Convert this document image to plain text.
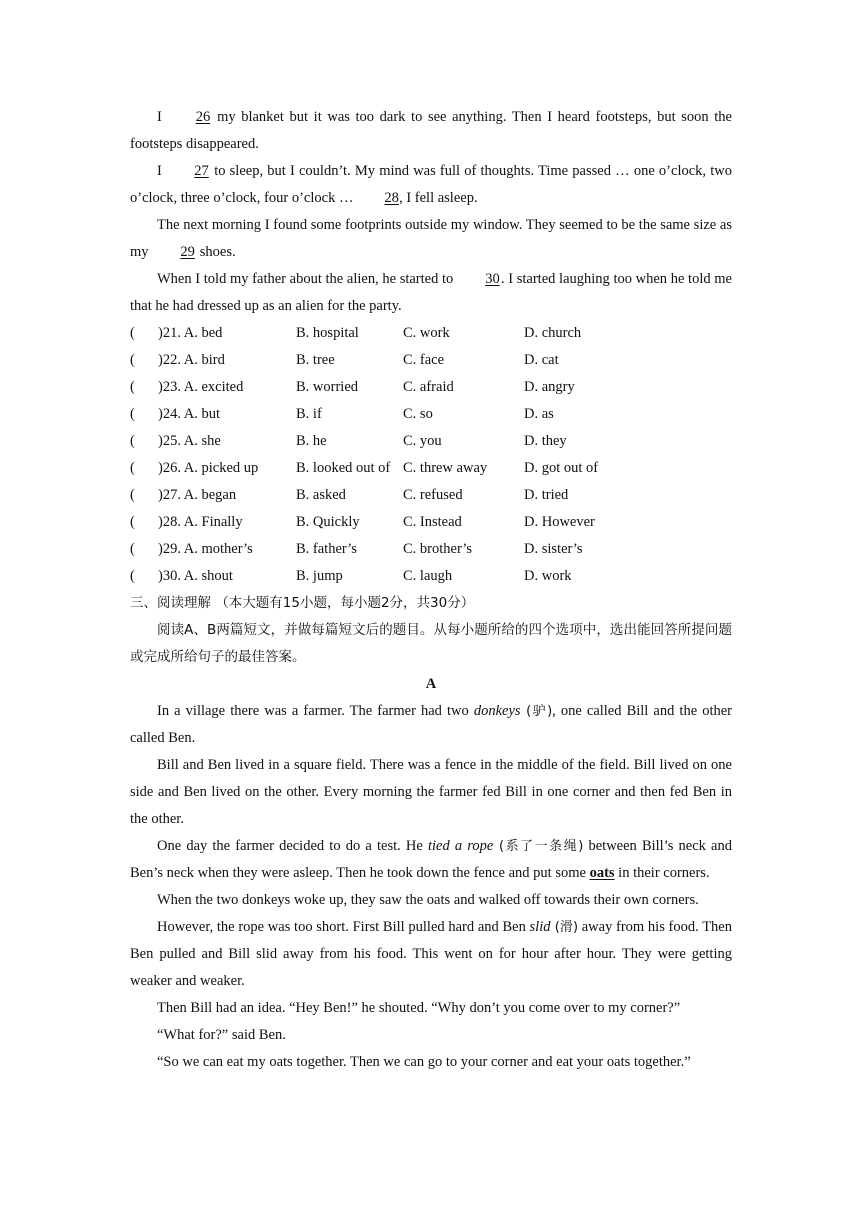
I 26 my blanket but it was too dark to see anything. Then I heard footsteps, but soon the footsteps disappeared.

I 27 to sleep, but I couldn’t. My mind was full of thoughts. Time passed … one o’clock, two o’clock, three o’clock, four o’clock … 28, I fell asleep.

The next morning I found some footprints outside my window. They seemed to be the same size as my 29 shoes.

When I told my father about the alien, he started to 30. I started laughing too when he told me that he had dressed up as an alien for the party.

(	)21. A. bed	B. hospital	C. work	D. church
(	)22. A. bird	B. tree	C. face	D. cat
(	)23. A. excited	B. worried	C. afraid	D. angry
(	)24. A. but	B. if	C. so	D. as
(	)25. A. she	B. he	C. you	D. they
(	)26. A. picked up	B. looked out of C. threw away	D. got out of
(	)27. A. began	B. asked	C. refused	D. tried
(	)28. A. Finally	B. Quickly	C. Instead	D. However
(	)29. A. mother’s	B. father’s	C. brother’s	D. sister’s
(	)30. A. shout	B. jump	C. laugh	D. work

三、阅读理解 （本大题有15小题，每小题2分，共30分）

阅读A、B两篇短文，并做每篇短文后的题目。从每小题所给的四个选项中，选出能回答所提问题或完成所给句子的最佳答案。

A

In a village there was a farmer. The farmer had two donkeys (驴), one called Bill and the other called Ben.

Bill and Ben lived in a square field. There was a fence in the middle of the field. Bill lived on one side and Ben lived on the other. Every morning the farmer fed Bill in one corner and then fed Ben in the other.

One day the farmer decided to do a test. He tied a rope (系了一条绳) between Bill’s neck and Ben’s neck when they were asleep. Then he took down the fence and put some oats in their corners.

When the two donkeys woke up, they saw the oats and walked off towards their own corners.

However, the rope was too short. First Bill pulled hard and Ben slid (滑) away from his food. Then Ben pulled and Bill slid away from his food. This went on for hour after hour. They were getting weaker and weaker.

Then Bill had an idea. “Hey Ben!” he shouted. “Why don’t you come over to my corner?”

“What for?” said Ben.

“So we can eat my oats together. Then we can go to your corner and eat your oats together.”
